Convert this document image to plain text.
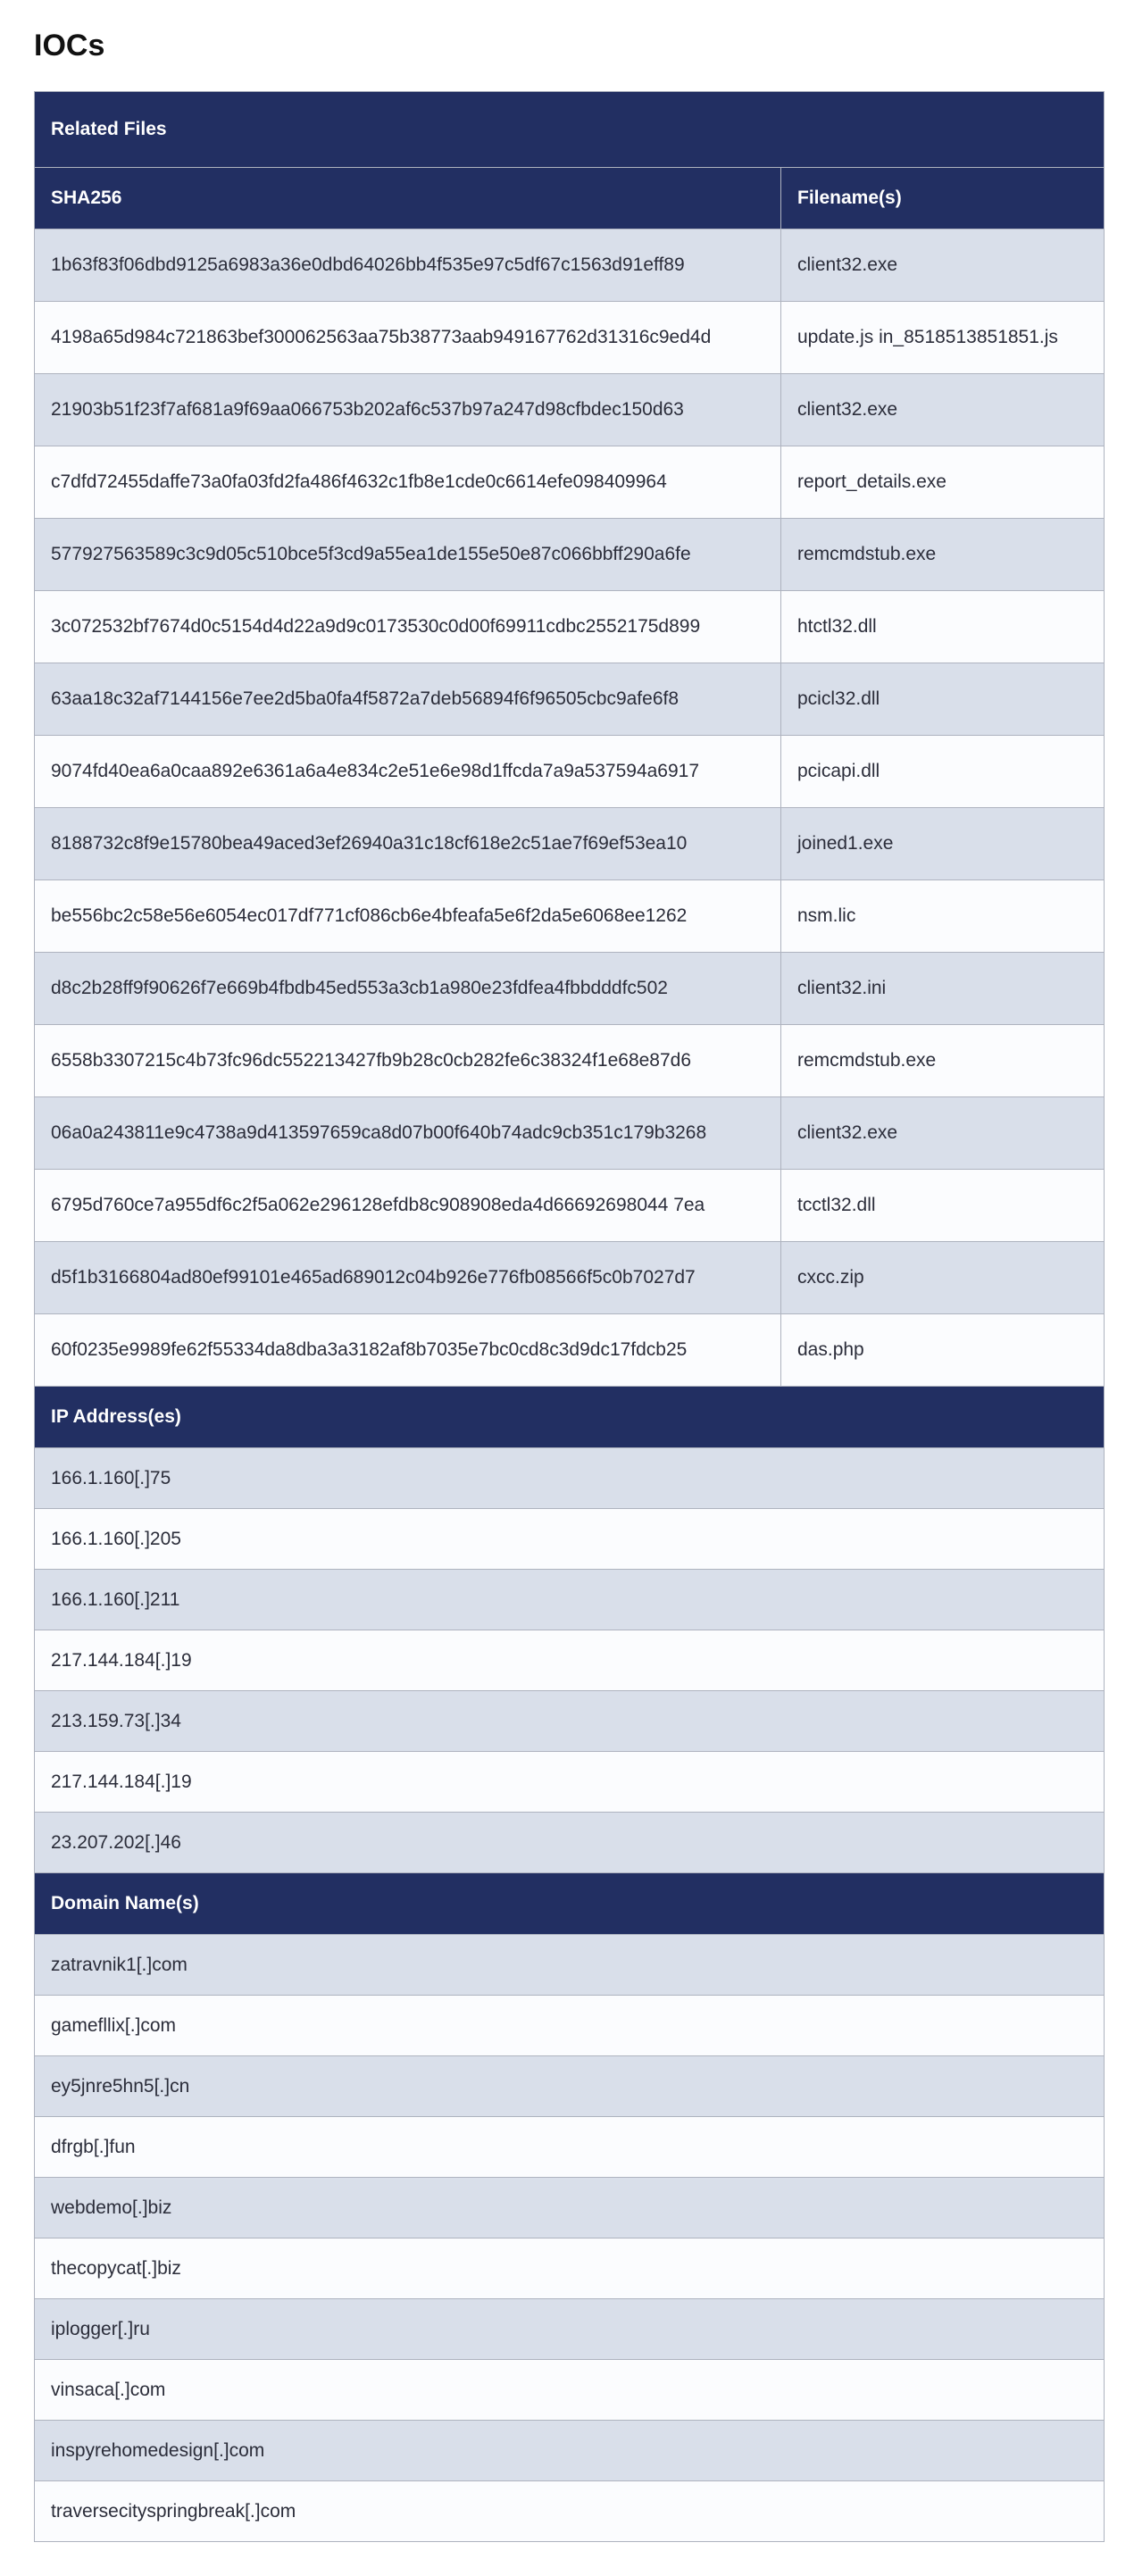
IOCs
Related Files	
SHA256	Filename(s)
1b63f83f06dbd9125a6983a36e0dbd64026bb4f535e97c5df67c1563d91eff89	client32.exe
4198a65d984c721863bef300062563aa75b38773aab949167762d31316c9ed4d	update.js in_8518513851851.js
21903b51f23f7af681a9f69aa066753b202af6c537b97a247d98cfbdec150d63	client32.exe
c7dfd72455daffe73a0fa03fd2fa486f4632c1fb8e1cde0c6614efe098409964	report_details.exe
577927563589c3c9d05c510bce5f3cd9a55ea1de155e50e87c066bbff290a6fe	remcmdstub.exe
3c072532bf7674d0c5154d4d22a9d9c0173530c0d00f69911cdbc2552175d899	htctl32.dll
63aa18c32af7144156e7ee2d5ba0fa4f5872a7deb56894f6f96505cbc9afe6f8	pcicl32.dll
9074fd40ea6a0caa892e6361a6a4e834c2e51e6e98d1ffcda7a9a537594a6917	pcicapi.dll
8188732c8f9e15780bea49aced3ef26940a31c18cf618e2c51ae7f69ef53ea10	joined1.exe
be556bc2c58e56e6054ec017df771cf086cb6e4bfeafa5e6f2da5e6068ee1262	nsm.lic
d8c2b28ff9f90626f7e669b4fbdb45ed553a3cb1a980e23fdfea4fbbdddfc502	client32.ini
6558b3307215c4b73fc96dc552213427fb9b28c0cb282fe6c38324f1e68e87d6	remcmdstub.exe
06a0a243811e9c4738a9d413597659ca8d07b00f640b74adc9cb351c179b3268	client32.exe
6795d760ce7a955df6c2f5a062e296128efdb8c908908eda4d66692698044 7ea	tcctl32.dll
d5f1b3166804ad80ef99101e465ad689012c04b926e776fb08566f5c0b7027d7	cxcc.zip
60f0235e9989fe62f55334da8dba3a3182af8b7035e7bc0cd8c3d9dc17fdcb25	das.php
IP Address(es)	
166.1.160[.]75	
166.1.160[.]205	
166.1.160[.]211	
217.144.184[.]19	
213.159.73[.]34	
217.144.184[.]19	
23.207.202[.]46	
Domain Name(s)	
zatravnik1[.]com	
gamefllix[.]com	
ey5jnre5hn5[.]cn	
dfrgb[.]fun	
webdemo[.]biz	
thecopycat[.]biz	
iplogger[.]ru	
vinsaca[.]com	
inspyrehomedesign[.]com	
traversecityspringbreak[.]com	
